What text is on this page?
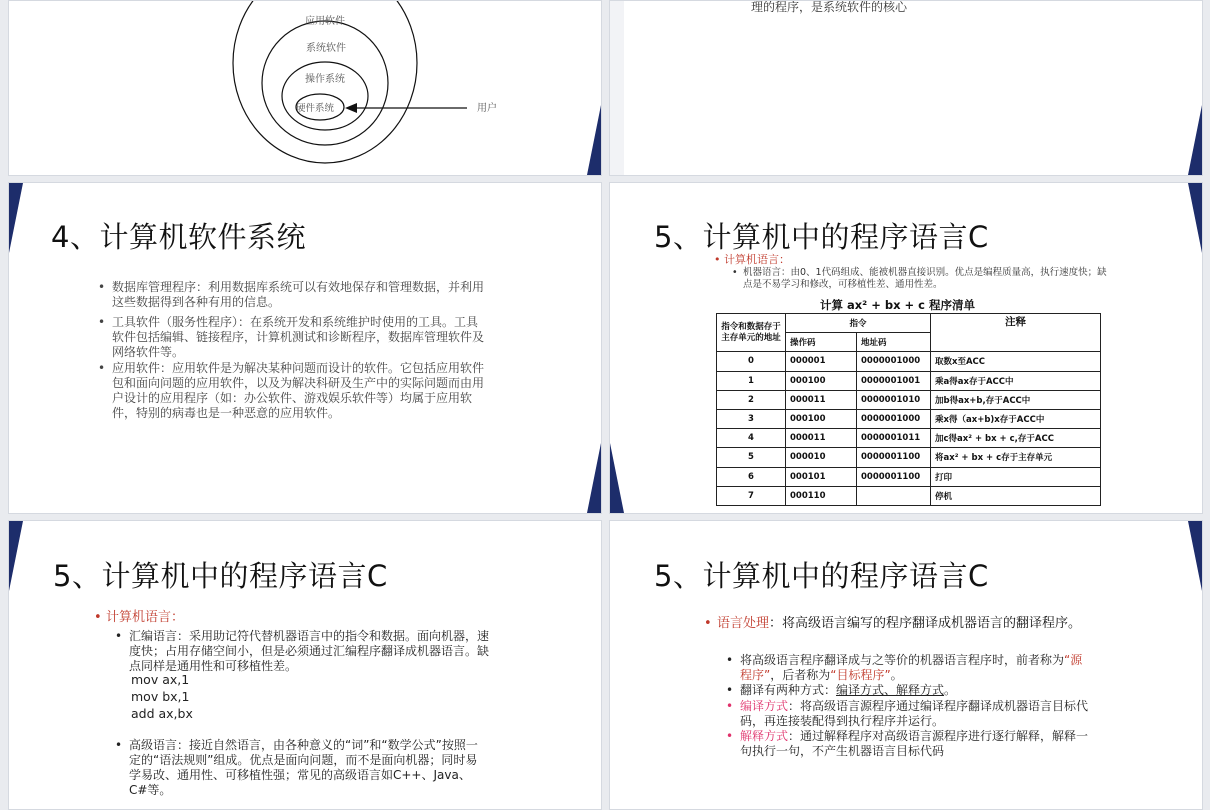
应用软件
系统软件
操作系统
硬件系统	用户
理的程序，是系统软件的核心
4、计算机软件系统
• 数据库管理程序：利用数据库系统可以有效地保存和管理数据，并利用这些数据得到各种有用的信息。
• 工具软件（服务性程序）：在系统开发和系统维护时使用的工具。工具软件包括编辑、链接程序，计算机测试和诊断程序，数据库管理软件及网络软件等。
• 应用软件：应用软件是为解决某种问题而设计的软件。它包括应用软件包和面向问题的应用软件，以及为解决科研及生产中的实际问题而由用户设计的应用程序（如：办公软件、游戏娱乐软件等）均属于应用软件，特别的病毒也是一种恶意的应用软件。
5、计算机中的程序语言C
• 计算机语言：
• 机器语言：由0、1代码组成、能被机器直接识别。优点是编程质量高，执行速度快；缺点是不易学习和修改，可移植性差、通用性差。
计算 ax² + bx + c 程序清单
指令和数据存于主存单元的地址	指令		注释
	操作码	地址码	
0	000001	0000001000	取数x至ACC
1	000100	0000001001	乘a得ax存于ACC中
2	000011	0000001010	加b得ax+b,存于ACC中
3	000100	0000001000	乘x得（ax+b)x存于ACC中
4	000011	0000001011	加c得ax² + bx + c,存于ACC
5	000010	0000001100	将ax² + bx + c存于主存单元
6	000101	0000001100	打印
7	000110		停机
5、计算机中的程序语言C
• 计算机语言：
• 汇编语言：采用助记符代替机器语言中的指令和数据。面向机器，速度快；占用存储空间小，但是必须通过汇编程序翻译成机器语言。缺点同样是通用性和可移植性差。
mov ax,1
mov bx,1
add ax,bx
• 高级语言：接近自然语言，由各种意义的“词”和“数学公式”按照一定的“语法规则”组成。优点是面向问题，而不是面向机器；同时易学易改、通用性、可移植性强；常见的高级语言如C++、Java、C#等。
5、计算机中的程序语言C
• 语言处理：将高级语言编写的程序翻译成机器语言的翻译程序。
• 将高级语言程序翻译成与之等价的机器语言程序时，前者称为“源程序”，后者称为“目标程序”。
• 翻译有两种方式：编译方式、解释方式。
• 编译方式：将高级语言源程序通过编译程序翻译成机器语言目标代码，再连接装配得到执行程序并运行。
• 解释方式：通过解释程序对高级语言源程序进行逐行解释，解释一句执行一句，不产生机器语言目标代码
